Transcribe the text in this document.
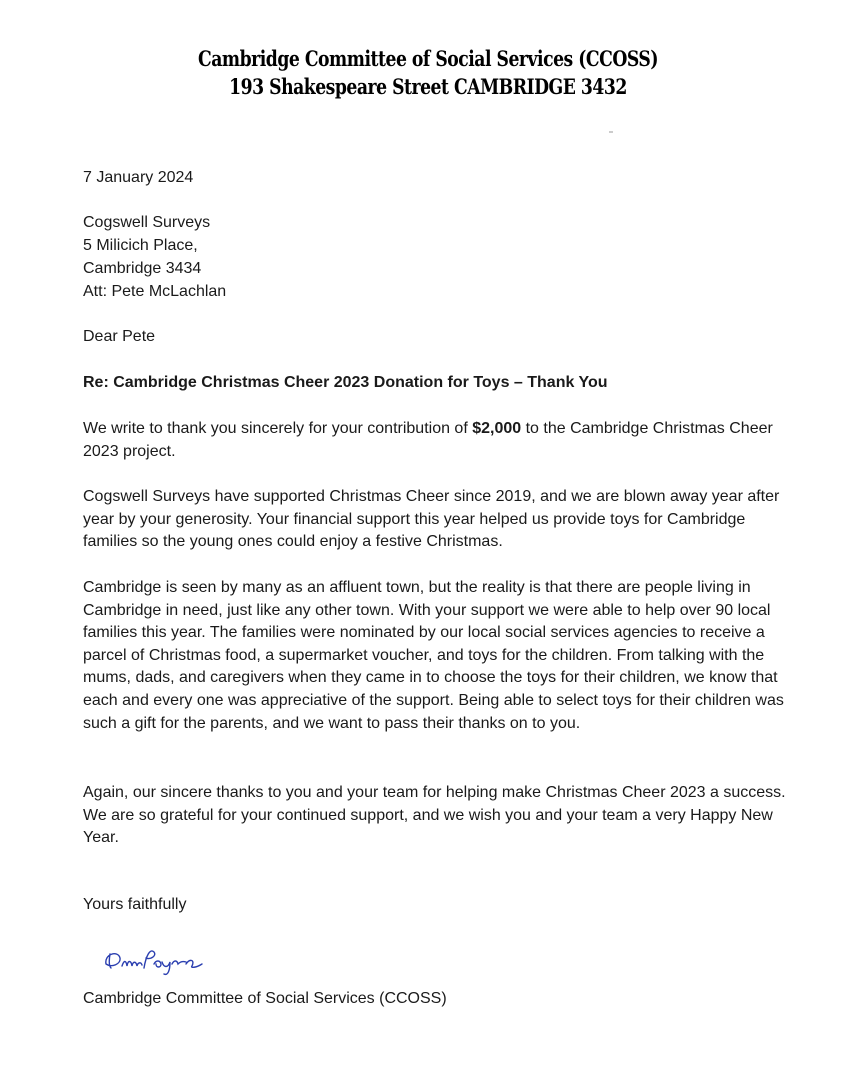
Cambridge Committee of Social Services (CCOSS)
193 Shakespeare Street CAMBRIDGE 3432
7 January 2024
Cogswell Surveys
5 Milicich Place,
Cambridge 3434
Att: Pete McLachlan
Dear Pete
Re: Cambridge Christmas Cheer 2023 Donation for Toys – Thank You

We write to thank you sincerely for your contribution of $2,000 to the Cambridge Christmas Cheer 2023 project.

Cogswell Surveys have supported Christmas Cheer since 2019, and we are blown away year after year by your generosity. Your financial support this year helped us provide toys for Cambridge families so the young ones could enjoy a festive Christmas.

Cambridge is seen by many as an affluent town, but the reality is that there are people living in Cambridge in need, just like any other town. With your support we were able to help over 90 local families this year. The families were nominated by our local social services agencies to receive a parcel of Christmas food, a supermarket voucher, and toys for the children. From talking with the mums, dads, and caregivers when they came in to choose the toys for their children, we know that each and every one was appreciative of the support. Being able to select toys for their children was such a gift for the parents, and we want to pass their thanks on to you.

Again, our sincere thanks to you and your team for helping make Christmas Cheer 2023 a success. We are so grateful for your continued support, and we wish you and your team a very Happy New Year.

Yours faithfully
Cambridge Committee of Social Services (CCOSS)
